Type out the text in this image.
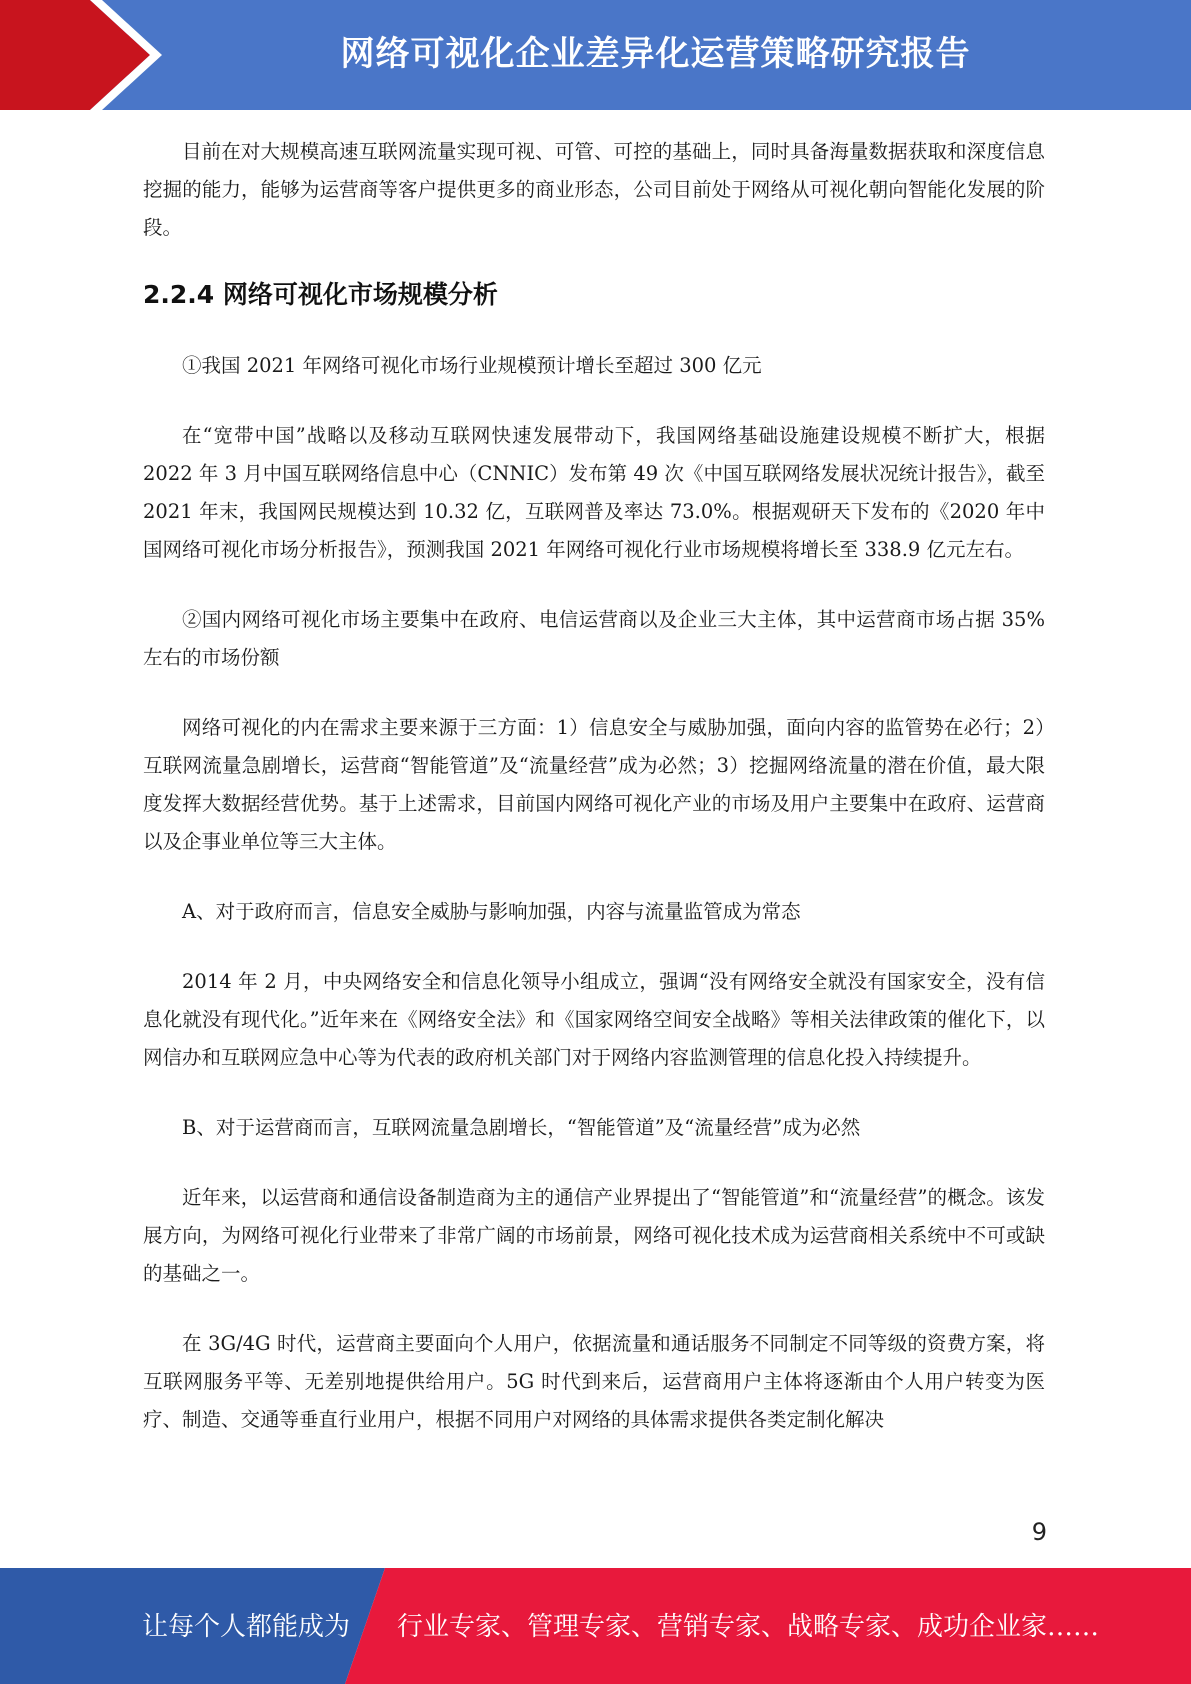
网络可视化企业差异化运营策略研究报告

目前在对大规模高速互联网流量实现可视、可管、可控的基础上，同时具备海量数据获取和深度信息挖掘的能力，能够为运营商等客户提供更多的商业形态，公司目前处于网络从可视化朝向智能化发展的阶段。

2.2.4 网络可视化市场规模分析

①我国 2021 年网络可视化市场行业规模预计增长至超过 300 亿元

在“宽带中国”战略以及移动互联网快速发展带动下，我国网络基础设施建设规模不断扩大，根据 2022 年 3 月中国互联网络信息中心（CNNIC）发布第 49 次《中国互联网络发展状况统计报告》，截至 2021 年末，我国网民规模达到 10.32 亿，互联网普及率达 73.0%。根据观研天下发布的《2020 年中国网络可视化市场分析报告》，预测我国 2021 年网络可视化行业市场规模将增长至 338.9 亿元左右。

②国内网络可视化市场主要集中在政府、电信运营商以及企业三大主体，其中运营商市场占据 35%左右的市场份额

网络可视化的内在需求主要来源于三方面：1）信息安全与威胁加强，面向内容的监管势在必行；2）互联网流量急剧增长，运营商“智能管道”及“流量经营”成为必然；3）挖掘网络流量的潜在价值，最大限度发挥大数据经营优势。基于上述需求，目前国内网络可视化产业的市场及用户主要集中在政府、运营商以及企事业单位等三大主体。

A、对于政府而言，信息安全威胁与影响加强，内容与流量监管成为常态

2014 年 2 月，中央网络安全和信息化领导小组成立，强调“没有网络安全就没有国家安全，没有信息化就没有现代化。”近年来在《网络安全法》和《国家网络空间安全战略》等相关法律政策的催化下，以网信办和互联网应急中心等为代表的政府机关部门对于网络内容监测管理的信息化投入持续提升。

B、对于运营商而言，互联网流量急剧增长，“智能管道”及“流量经营”成为必然

近年来，以运营商和通信设备制造商为主的通信产业界提出了“智能管道”和“流量经营”的概念。该发展方向，为网络可视化行业带来了非常广阔的市场前景，网络可视化技术成为运营商相关系统中不可或缺的基础之一。

在 3G/4G 时代，运营商主要面向个人用户，依据流量和通话服务不同制定不同等级的资费方案，将互联网服务平等、无差别地提供给用户。5G 时代到来后，运营商用户主体将逐渐由个人用户转变为医疗、制造、交通等垂直行业用户，根据不同用户对网络的具体需求提供各类定制化解决

9
让每个人都能成为 行业专家、管理专家、营销专家、战略专家、成功企业家……
